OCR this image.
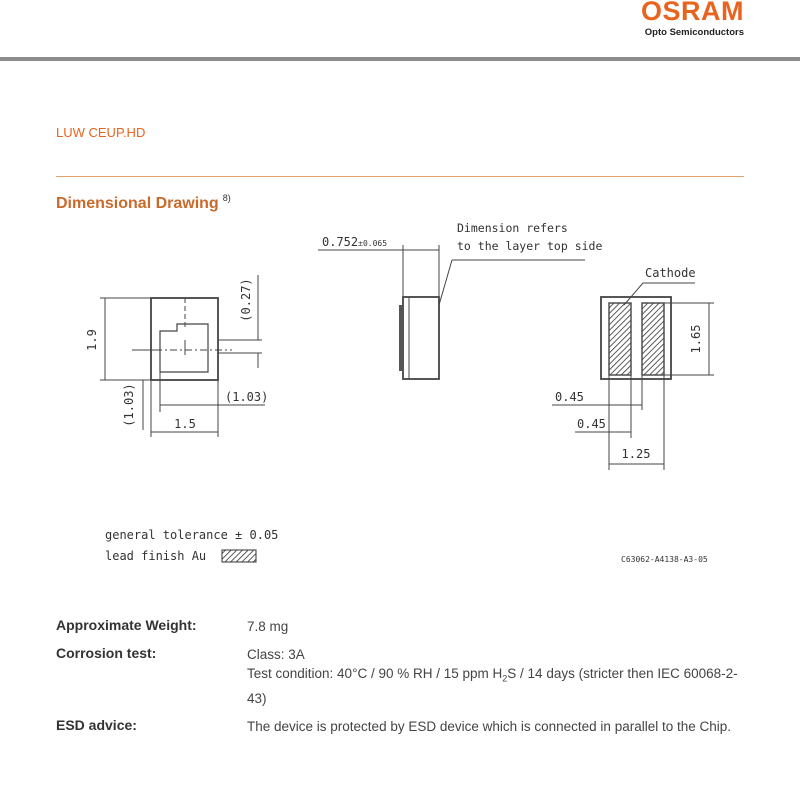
OSRAM
Opto Semiconductors
LUW CEUP.HD
Dimensional Drawing $^{8)}$
1.9
(0.27)
(1.03)	(1.03)
1.5
0.752±0.065
Dimension refers
to the layer top side
Cathode
1.65
0.45
0.45
1.25
general tolerance ± 0.05
lead finish Au	C63062-A4138-A3-05
Approximate Weight:	7.8 mg
Corrosion test:	Class: 3A
Test condition: 40°C / 90 % RH / 15 ppm $H_2S / 14$ days (stricter then IEC 60068-2-43)
ESD advice:	The device is protected by ESD device which is connected in parallel to the Chip.
